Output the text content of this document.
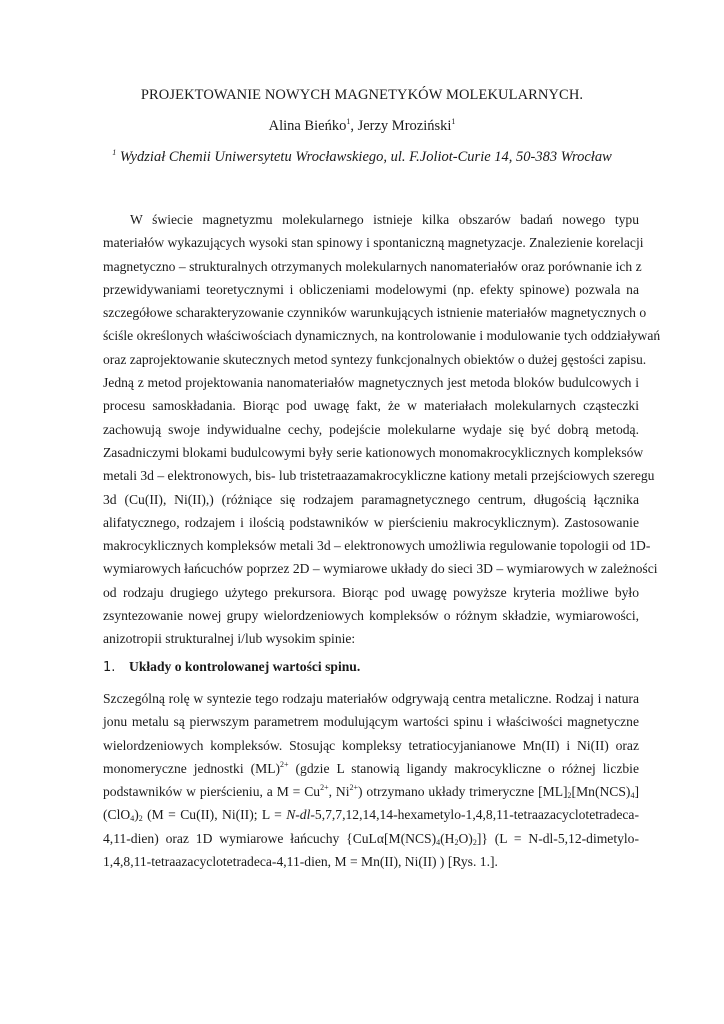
PROJEKTOWANIE NOWYCH MAGNETYKÓW MOLEKULARNYCH.
Alina Bieńko$^1$, Jerzy Mroziński$^1$
$^1$ Wydział Chemii Uniwersytetu Wrocławskiego, ul. F.Joliot-Curie 14, 50-383 Wrocław
W świecie magnetyzmu molekularnego istnieje kilka obszarów badań nowego typu
materiałów wykazujących wysoki stan spinowy i spontaniczną magnetyzacje. Znalezienie korelacji
magnetyczno – strukturalnych otrzymanych molekularnych nanomateriałów oraz porównanie ich z
przewidywaniami teoretycznymi i obliczeniami modelowymi (np. efekty spinowe) pozwala na
szczegółowe scharakteryzowanie czynników warunkujących istnienie materiałów magnetycznych o
ściśle określonych właściwościach dynamicznych, na kontrolowanie i modulowanie tych oddziaływań
oraz zaprojektowanie skutecznych metod syntezy funkcjonalnych obiektów o dużej gęstości zapisu.
Jedną z metod projektowania nanomateriałów magnetycznych jest metoda bloków budulcowych i
procesu samoskładania. Biorąc pod uwagę fakt, że w materiałach molekularnych cząsteczki
zachowują swoje indywidualne cechy, podejście molekularne wydaje się być dobrą metodą.
Zasadniczymi blokami budulcowymi były serie kationowych monomakrocyklicznych kompleksów
metali 3d – elektronowych, bis- lub tristetraazamakrocykliczne kationy metali przejściowych szeregu
3d (Cu(II), Ni(II),) (różniące się rodzajem paramagnetycznego centrum, długością łącznika
alifatycznego, rodzajem i ilością podstawników w pierścieniu makrocyklicznym). Zastosowanie
makrocyklicznych kompleksów metali 3d – elektronowych umożliwia regulowanie topologii od 1D-
wymiarowych łańcuchów poprzez 2D – wymiarowe układy do sieci 3D – wymiarowych w zależności
od rodzaju drugiego użytego prekursora. Biorąc pod uwagę powyższe kryteria możliwe było
zsyntezowanie nowej grupy wielordzeniowych kompleksów o różnym składzie, wymiarowości,
anizotropii strukturalnej i/lub wysokim spinie:
1. Układy o kontrolowanej wartości spinu.
Szczególną rolę w syntezie tego rodzaju materiałów odgrywają centra metaliczne. Rodzaj i natura
jonu metalu są pierwszym parametrem modulującym wartości spinu i właściwości magnetyczne
wielordzeniowych kompleksów. Stosując kompleksy tetratiocyjanianowe Mn(II) i Ni(II) oraz
monomeryczne jednostki (ML)$^{2+}$ (gdzie L stanowią ligandy makrocykliczne o różnej liczbie
podstawników w pierścieniu, a $M = Cu^{2+}$, $Ni^{2+}$) otrzymano układy trimeryczne $[ML]_2[Mn(NCS)_4]$
$(ClO_4)_2$ (M = Cu(II), Ni(II); L = N-dl-5,7,7,12,14,14-hexametylo-1,4,8,11-tetraazacyclotetradeca-
4,11-dien) oraz 1D wymiarowe łańcuchy $\{CuL\alpha[M(NCS)_4(H_2O)_2]\} (L$ = N-dl-5,12-dimetylo-
1,4,8,11-tetraazacyclotetradeca-4,11-dien, M = Mn(II), Ni(II) ) [Rys. 1.].
